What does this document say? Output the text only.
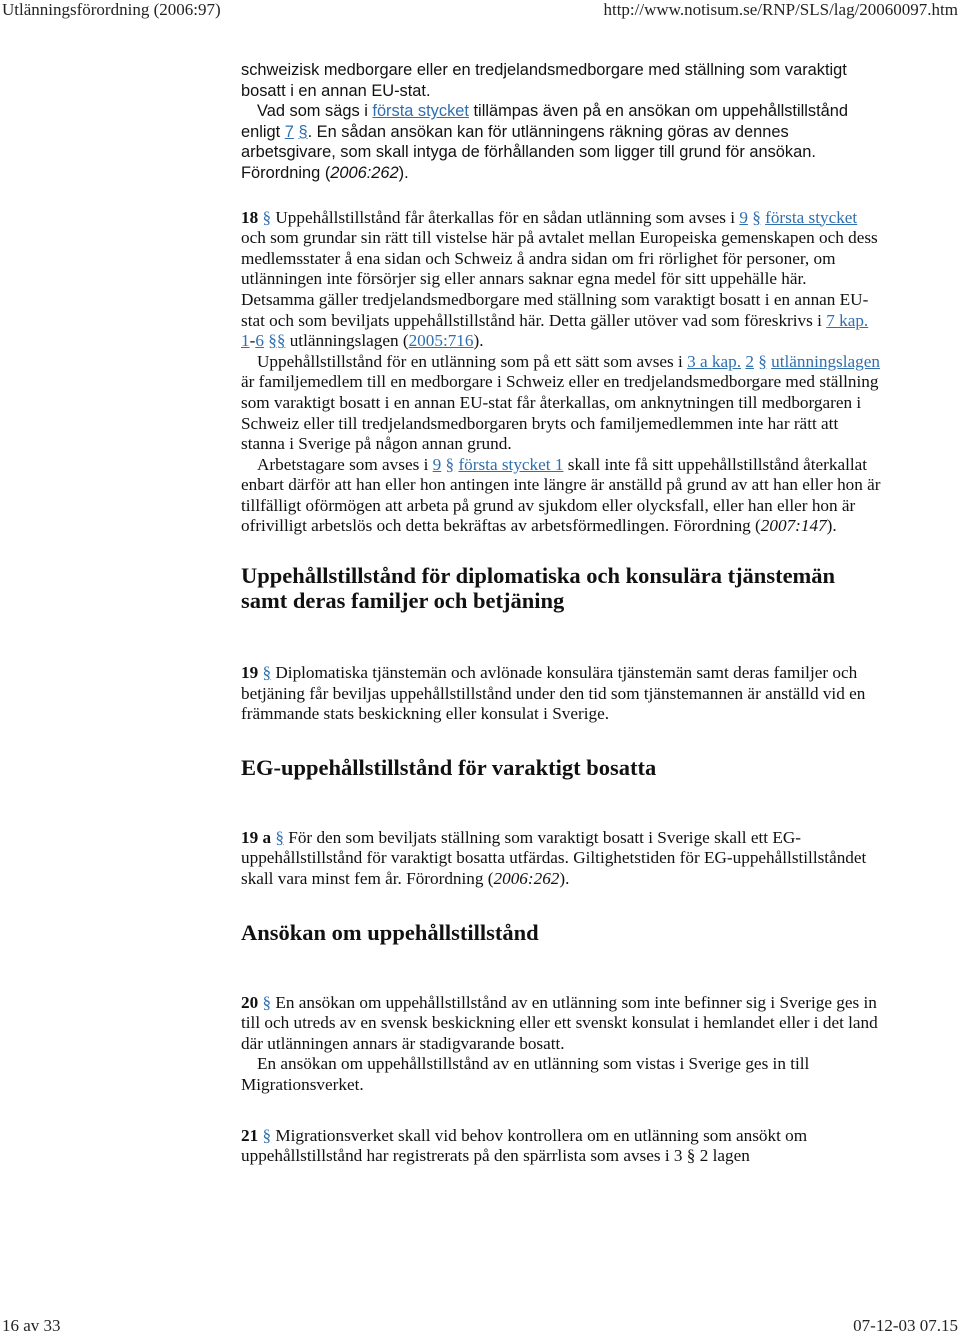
Utlänningsförordning (2006:97)	http://www.notisum.se/RNP/SLS/lag/20060097.htm

schweizisk medborgare eller en tredjelandsmedborgare med ställning som varaktigt bosatt i en annan EU-stat.

Vad som sägs i första stycket tillämpas även på en ansökan om uppehållstillstånd enligt 7 §. En sådan ansökan kan för utlänningens räkning göras av dennes arbetsgivare, som skall intyga de förhållanden som ligger till grund för ansökan. Förordning (2006:262).

18 § Uppehållstillstånd får återkallas för en sådan utlänning som avses i 9 § första stycket och som grundar sin rätt till vistelse här på avtalet mellan Europeiska gemenskapen och dess medlemsstater å ena sidan och Schweiz å andra sidan om fri rörlighet för personer, om utlänningen inte försörjer sig eller annars saknar egna medel för sitt uppehälle här. Detsamma gäller tredjelandsmedborgare med ställning som varaktigt bosatt i en annan EU-stat och som beviljats uppehållstillstånd här. Detta gäller utöver vad som föreskrivs i 7 kap. 1-6 §§ utlänningslagen (2005:716).

Uppehållstillstånd för en utlänning som på ett sätt som avses i 3 a kap. 2 § utlänningslagen är familjemedlem till en medborgare i Schweiz eller en tredjelandsmedborgare med ställning som varaktigt bosatt i en annan EU-stat får återkallas, om anknytningen till medborgaren i Schweiz eller till tredjelandsmedborgaren bryts och familjemedlemmen inte har rätt att stanna i Sverige på någon annan grund.

Arbetstagare som avses i 9 § första stycket 1 skall inte få sitt uppehållstillstånd återkallat enbart därför att han eller hon antingen inte längre är anställd på grund av att han eller hon är tillfälligt oförmögen att arbeta på grund av sjukdom eller olycksfall, eller han eller hon är ofrivilligt arbetslös och detta bekräftas av arbetsförmedlingen. Förordning (2007:147).

Uppehållstillstånd för diplomatiska och konsulära tjänstemän samt deras familjer och betjäning

19 § Diplomatiska tjänstemän och avlönade konsulära tjänstemän samt deras familjer och betjäning får beviljas uppehållstillstånd under den tid som tjänstemannen är anställd vid en främmande stats beskickning eller konsulat i Sverige.

EG-uppehållstillstånd för varaktigt bosatta

19 a § För den som beviljats ställning som varaktigt bosatt i Sverige skall ett EG-uppehållstillstånd för varaktigt bosatta utfärdas. Giltighetstiden för EG-uppehållstillståndet skall vara minst fem år. Förordning (2006:262).

Ansökan om uppehållstillstånd

20 § En ansökan om uppehållstillstånd av en utlänning som inte befinner sig i Sverige ges in till och utreds av en svensk beskickning eller ett svenskt konsulat i hemlandet eller i det land där utlänningen annars är stadigvarande bosatt.

En ansökan om uppehållstillstånd av en utlänning som vistas i Sverige ges in till Migrationsverket.

21 § Migrationsverket skall vid behov kontrollera om en utlänning som ansökt om uppehållstillstånd har registrerats på den spärrlista som avses i 3 § 2 lagen

16 av 33	07-12-03 07.15
